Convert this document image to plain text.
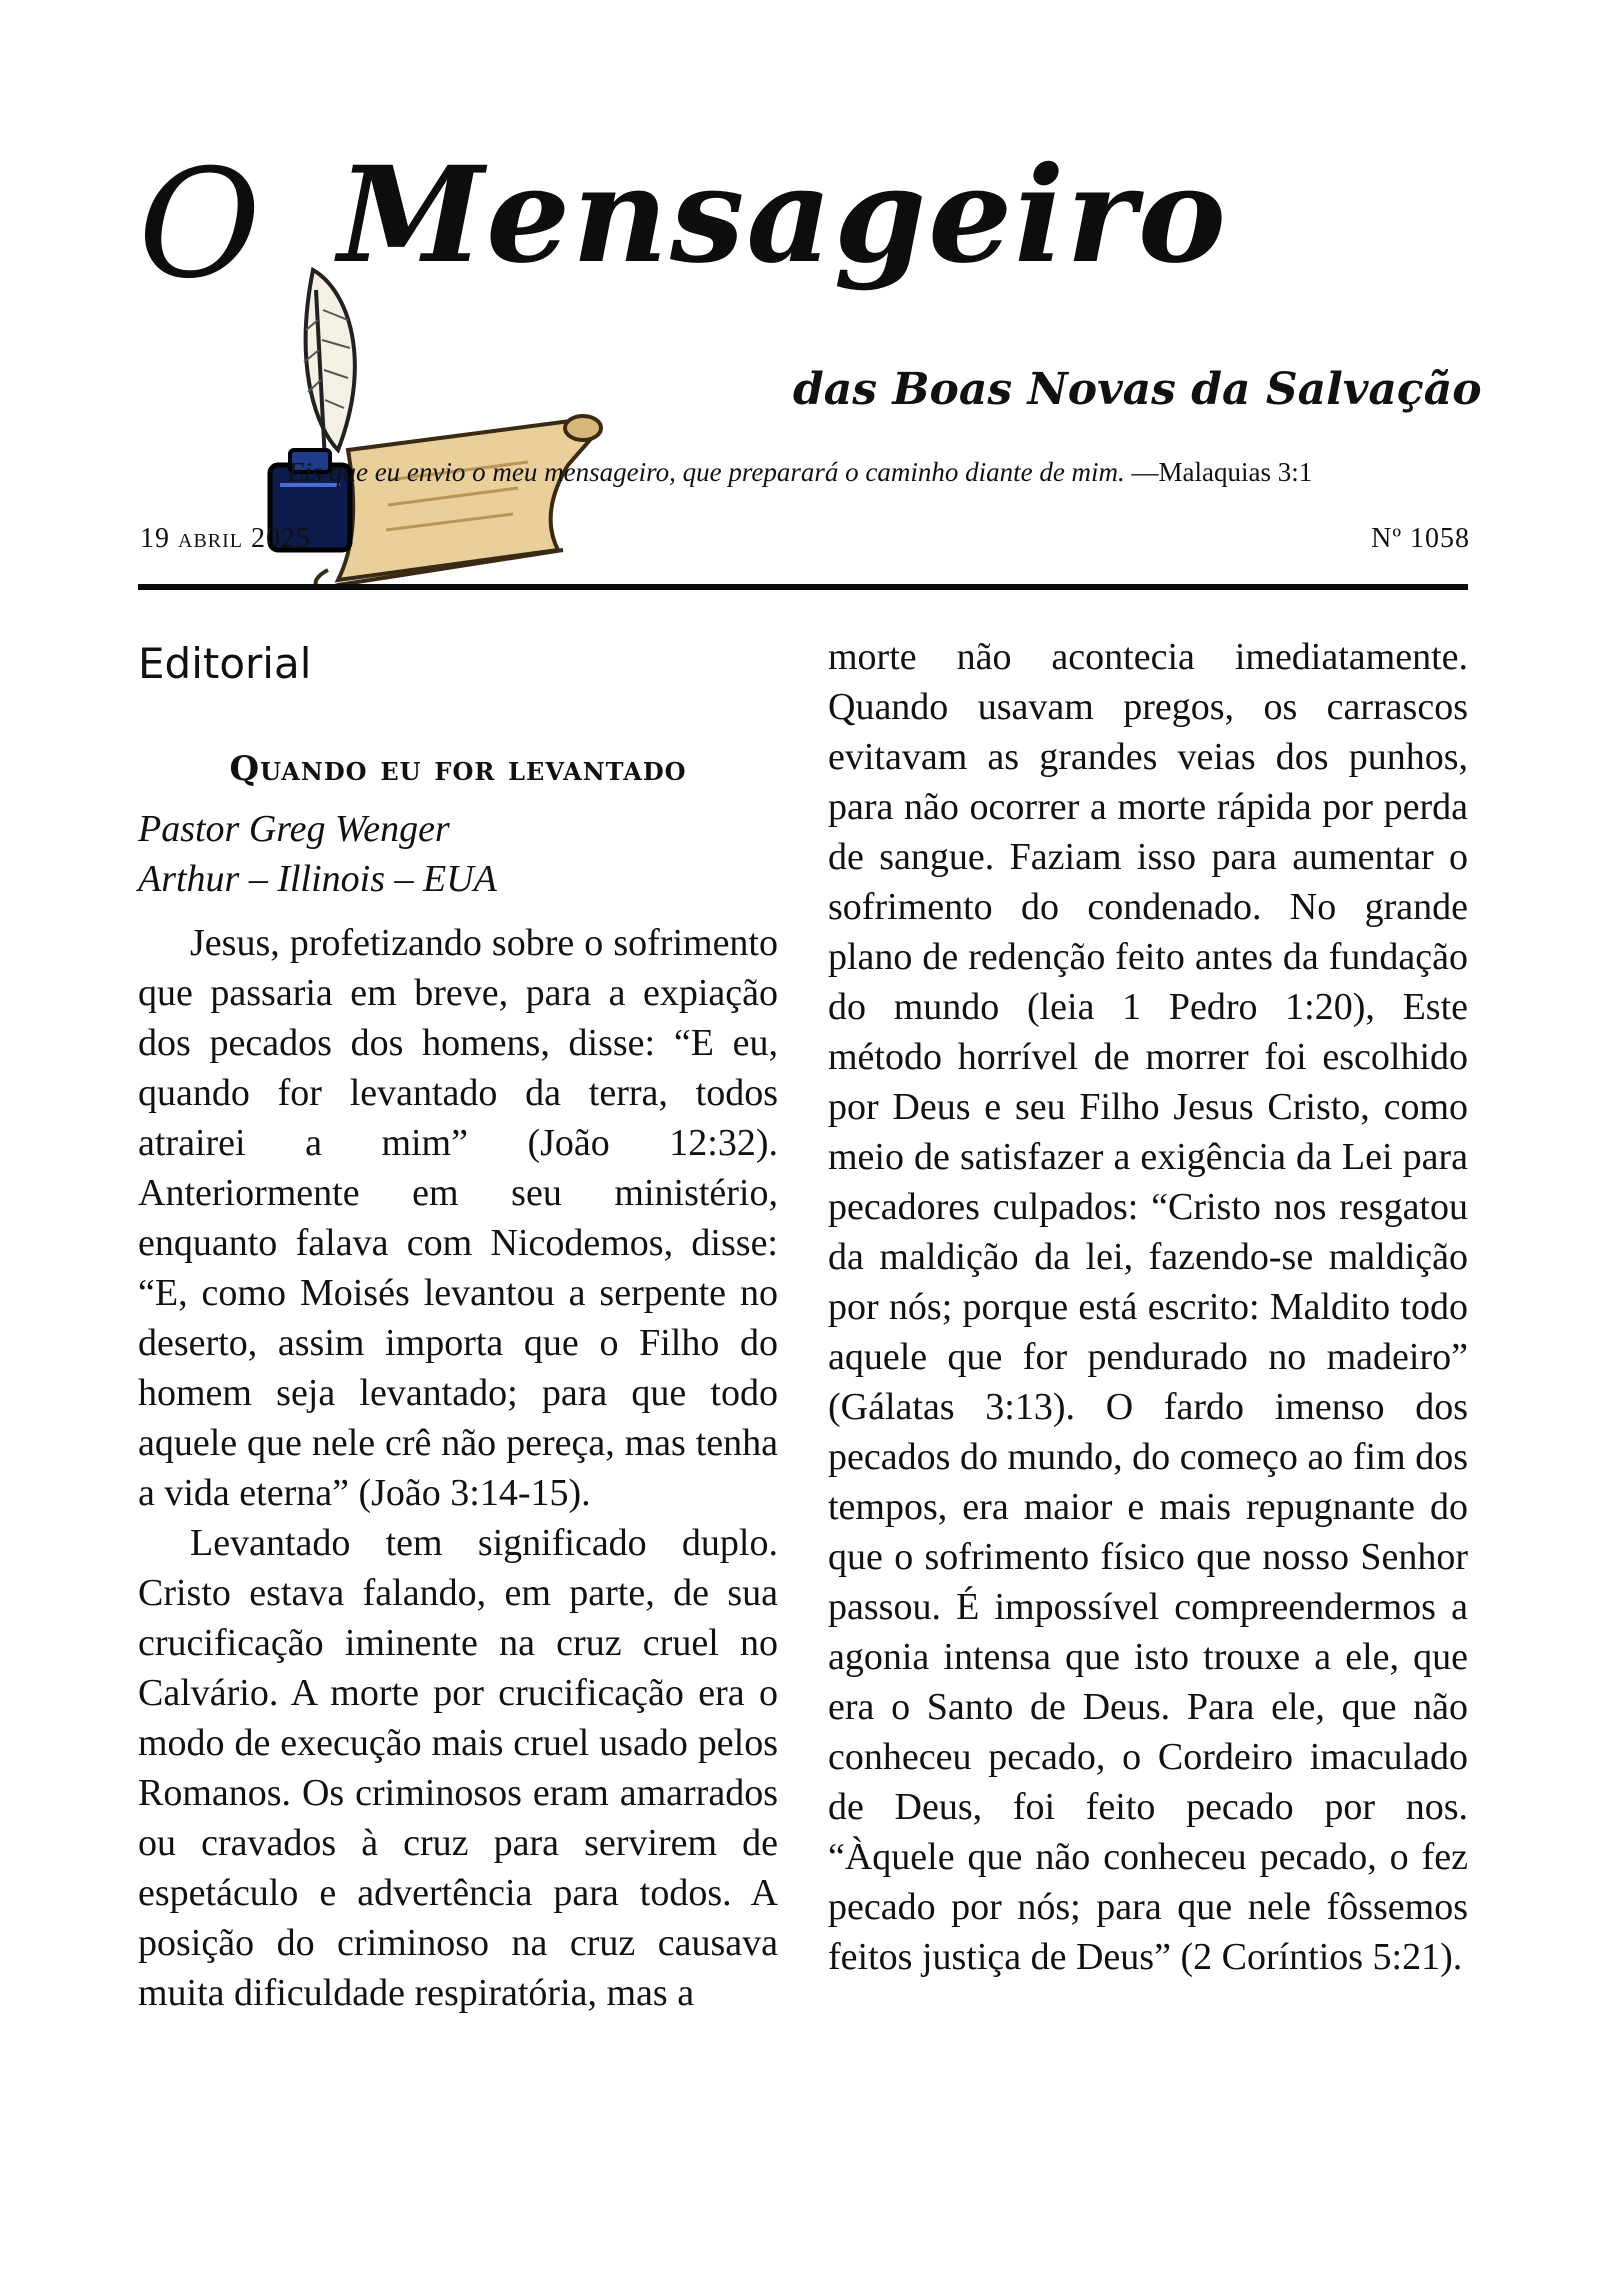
O Mensageiro
das Boas Novas da Salvação
Eis que eu envio o meu mensageiro, que preparará o caminho diante de mim. —Malaquias 3:1
19 abril 2025	Nº 1058
Editorial
Quando eu for levantado
Pastor Greg Wenger
Arthur – Illinois – EUA

Jesus, profetizando sobre o sofrimento que passaria em breve, para a expiação dos pecados dos homens, disse: “E eu, quando for levantado da terra, todos atrairei a mim” (João 12:32). Anteriormente em seu ministério, enquanto falava com Nicodemos, disse: “E, como Moisés levantou a serpente no deserto, assim importa que o Filho do homem seja levantado; para que todo aquele que nele crê não pereça, mas tenha a vida eterna” (João 3:14-15).

Levantado tem significado duplo. Cristo estava falando, em parte, de sua crucificação iminente na cruz cruel no Calvário. A morte por crucificação era o modo de execução mais cruel usado pelos Romanos. Os criminosos eram amarrados ou cravados à cruz para servirem de espetáculo e advertência para todos. A posição do criminoso na cruz causava muita dificuldade respiratória, mas a

morte não acontecia imediatamente. Quando usavam pregos, os carrascos evitavam as grandes veias dos punhos, para não ocorrer a morte rápida por perda de sangue. Faziam isso para aumentar o sofrimento do condenado. No grande plano de redenção feito antes da fundação do mundo (leia 1 Pedro 1:20), Este método horrível de morrer foi escolhido por Deus e seu Filho Jesus Cristo, como meio de satisfazer a exigência da Lei para pecadores culpados: “Cristo nos resgatou da maldição da lei, fazendo-se maldição por nós; porque está escrito: Maldito todo aquele que for pendurado no madeiro” (Gálatas 3:13). O fardo imenso dos pecados do mundo, do começo ao fim dos tempos, era maior e mais repugnante do que o sofrimento físico que nosso Senhor passou. É impossível compreendermos a agonia intensa que isto trouxe a ele, que era o Santo de Deus. Para ele, que não conheceu pecado, o Cordeiro imaculado de Deus, foi feito pecado por nos. “Àquele que não conheceu pecado, o fez pecado por nós; para que nele fôssemos feitos justiça de Deus” (2 Coríntios 5:21).
